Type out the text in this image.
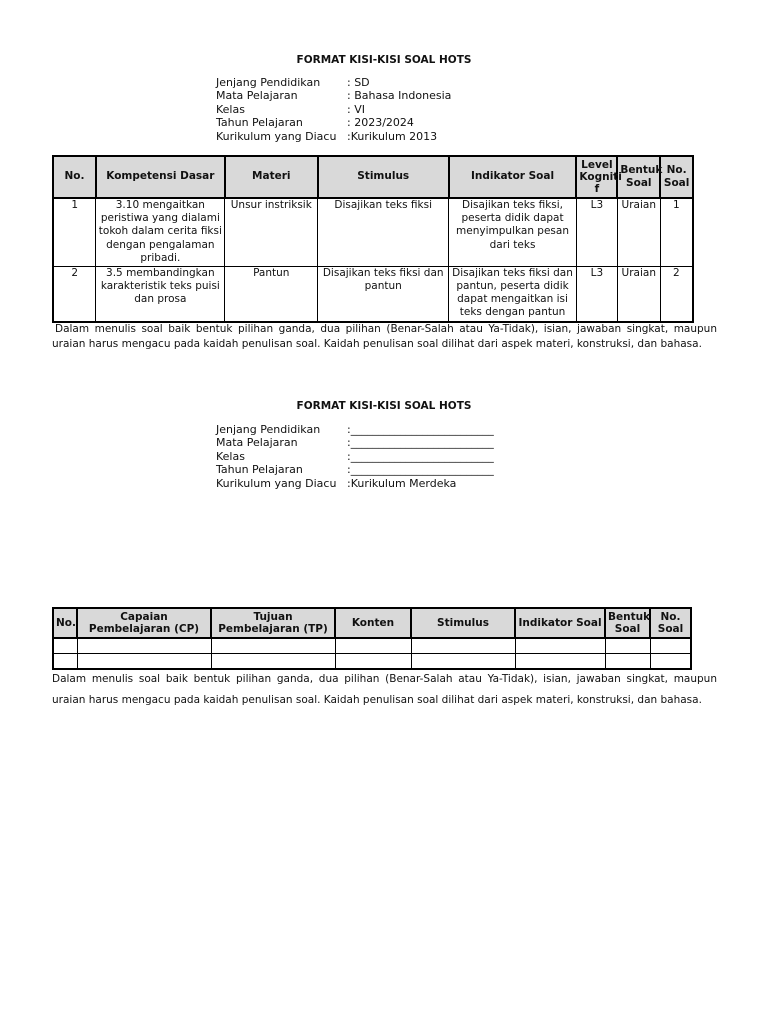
FORMAT KISI-KISI SOAL HOTS
Jenjang Pendidikan	: SD
Mata Pelajaran	: Bahasa Indonesia
Kelas	: VI
Tahun Pelajaran	: 2023/2024
Kurikulum yang Diacu :Kurikulum 2013
No.	Kompetensi Dasar	Materi	Stimulus	Indikator Soal	Level Kogniti f	Bentuk Soal	No. Soal
1	3.10 mengaitkan peristiwa yang dialami tokoh dalam cerita fiksi dengan pengalaman pribadi.	Unsur instriksik	Disajikan teks fiksi	Disajikan teks fiksi, peserta didik dapat menyimpulkan pesan dari teks	L3	Uraian	1
2	3.5 membandingkan karakteristik teks puisi dan prosa	Pantun	Disajikan teks fiksi dan pantun	Disajikan teks fiksi dan pantun, peserta didik dapat mengaitkan isi teks dengan pantun	L3	Uraian	2
Dalam menulis soal baik bentuk pilihan ganda, dua pilihan (Benar-Salah atau Ya-Tidak), isian, jawaban singkat, maupun uraian harus mengacu pada kaidah penulisan soal. Kaidah penulisan soal dilihat dari aspek materi, konstruksi, dan bahasa.
FORMAT KISI-KISI SOAL HOTS
Jenjang Pendidikan	:__________________________
Mata Pelajaran	:__________________________
Kelas	:__________________________
Tahun Pelajaran	:__________________________
Kurikulum yang Diacu :Kurikulum Merdeka
No.	Capaian Pembelajaran (CP)	Tujuan Pembelajaran (TP)	Konten	Stimulus	Indikator Soal	Bentuk Soal	No. Soal

Dalam menulis soal baik bentuk pilihan ganda, dua pilihan (Benar-Salah atau Ya-Tidak), isian, jawaban singkat, maupun uraian harus mengacu pada kaidah penulisan soal. Kaidah penulisan soal dilihat dari aspek materi, konstruksi, dan bahasa.
